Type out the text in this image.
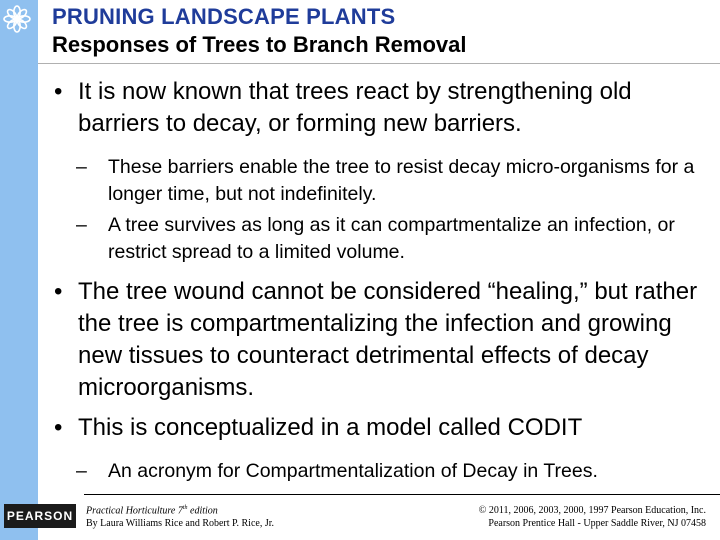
PRUNING LANDSCAPE PLANTS
Responses of Trees to Branch Removal
• It is now known that trees react by strengthening old barriers to decay, or forming new barriers.
– These barriers enable the tree to resist decay micro-organisms for a longer time, but not indefinitely.
– A tree survives as long as it can compartmentalize an infection, or restrict spread to a limited volume.
• The tree wound cannot be considered “healing,” but rather the tree is compartmentalizing the infection and growing new tissues to counteract detrimental effects of decay microorganisms.
• This is conceptualized in a model called CODIT
– An acronym for Compartmentalization of Decay in Trees.
PEARSON Practical Horticulture 7th edition
By Laura Williams Rice and Robert P. Rice, Jr.
© 2011, 2006, 2003, 2000, 1997 Pearson Education, Inc.
Pearson Prentice Hall - Upper Saddle River, NJ 07458
